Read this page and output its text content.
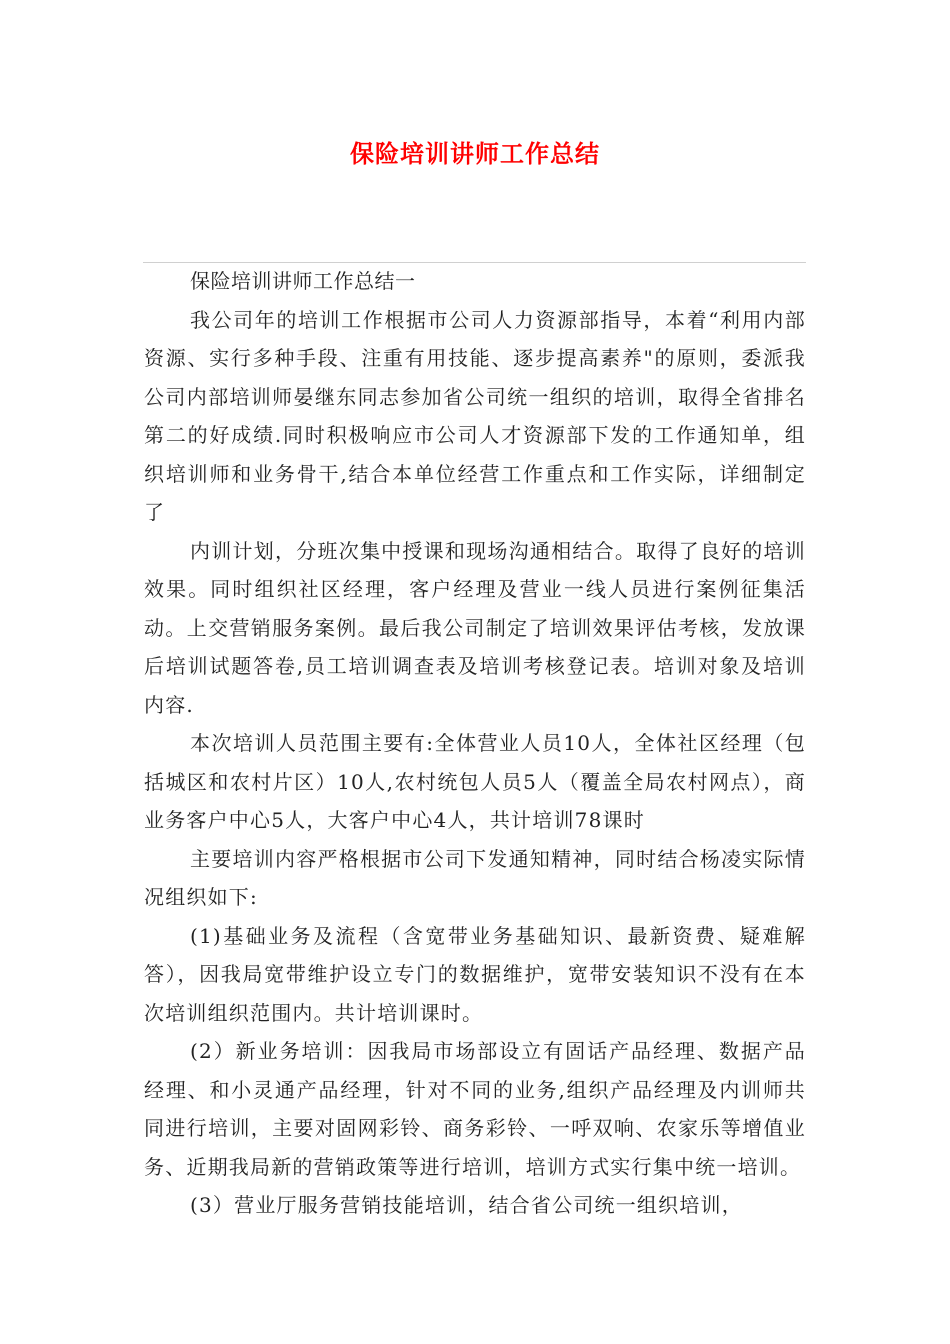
保险培训讲师工作总结

保险培训讲师工作总结一

我公司年的培训工作根据市公司人力资源部指导，本着“利用内部资源、实行多种手段、注重有用技能、逐步提高素养"的原则，委派我公司内部培训师晏继东同志参加省公司统一组织的培训，取得全省排名第二的好成绩.同时积极响应市公司人才资源部下发的工作通知单，组织培训师和业务骨干,结合本单位经营工作重点和工作实际，详细制定了

内训计划，分班次集中授课和现场沟通相结合。取得了良好的培训效果。同时组织社区经理，客户经理及营业一线人员进行案例征集活动。上交营销服务案例。最后我公司制定了培训效果评估考核，发放课后培训试题答卷,员工培训调查表及培训考核登记表。培训对象及培训内容.

本次培训人员范围主要有:全体营业人员10人，全体社区经理（包括城区和农村片区）10人,农村统包人员5人（覆盖全局农村网点），商业务客户中心5人，大客户中心4人，共计培训78课时

主要培训内容严格根据市公司下发通知精神，同时结合杨凌实际情况组织如下:

(1)基础业务及流程（含宽带业务基础知识、最新资费、疑难解答），因我局宽带维护设立专门的数据维护，宽带安装知识不没有在本次培训组织范围内。共计培训课时。

(2）新业务培训：因我局市场部设立有固话产品经理、数据产品经理、和小灵通产品经理，针对不同的业务,组织产品经理及内训师共同进行培训，主要对固网彩铃、商务彩铃、一呼双响、农家乐等增值业务、近期我局新的营销政策等进行培训，培训方式实行集中统一培训。

(3）营业厅服务营销技能培训，结合省公司统一组织培训，
